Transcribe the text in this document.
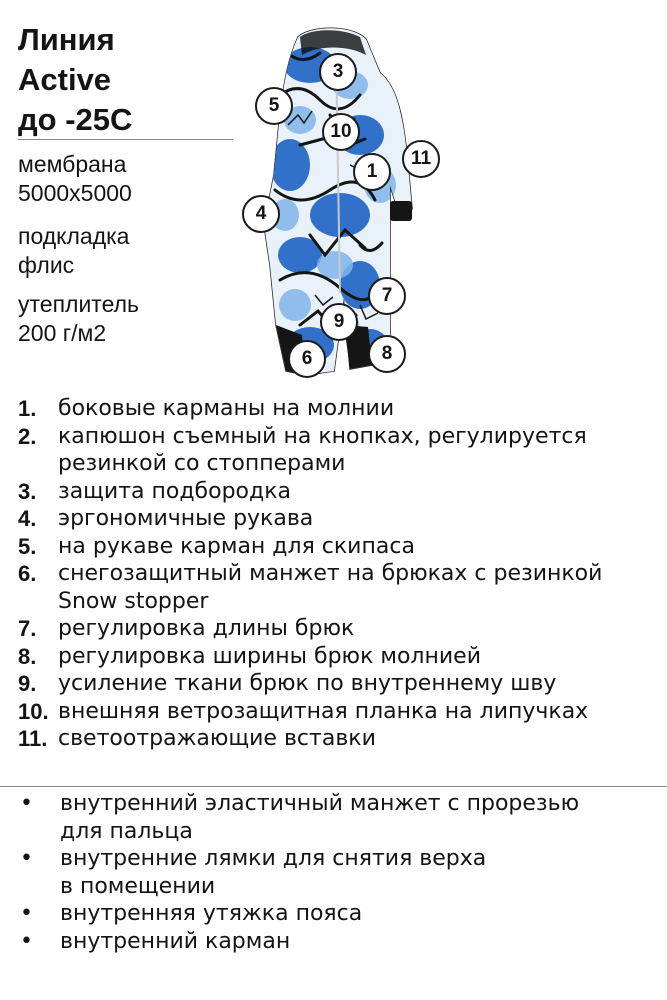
Линия
Active
до -25С
мембрана
5000х5000
подкладка
флис
утеплитель
200 г/м2
3
5
10
1
11
4
7
9
6	8
1. боковые карманы на молнии
2. капюшон съемный на кнопках, регулируется
резинкой со стопперами
3. защита подбородка
4. эргономичные рукава
5. на рукаве карман для скипаса
6. снегозащитный манжет на брюках с резинкой
Snow stopper
7. регулировка длины брюк
8. регулировка ширины брюк молнией
9. усиление ткани брюк по внутреннему шву
10. внешняя ветрозащитная планка на липучках
11. светоотражающие вставки
•	внутренний эластичный манжет с прорезью
для пальца
•	внутренние лямки для снятия верха
в помещении
•	внутренняя утяжка пояса
•	внутренний карман
